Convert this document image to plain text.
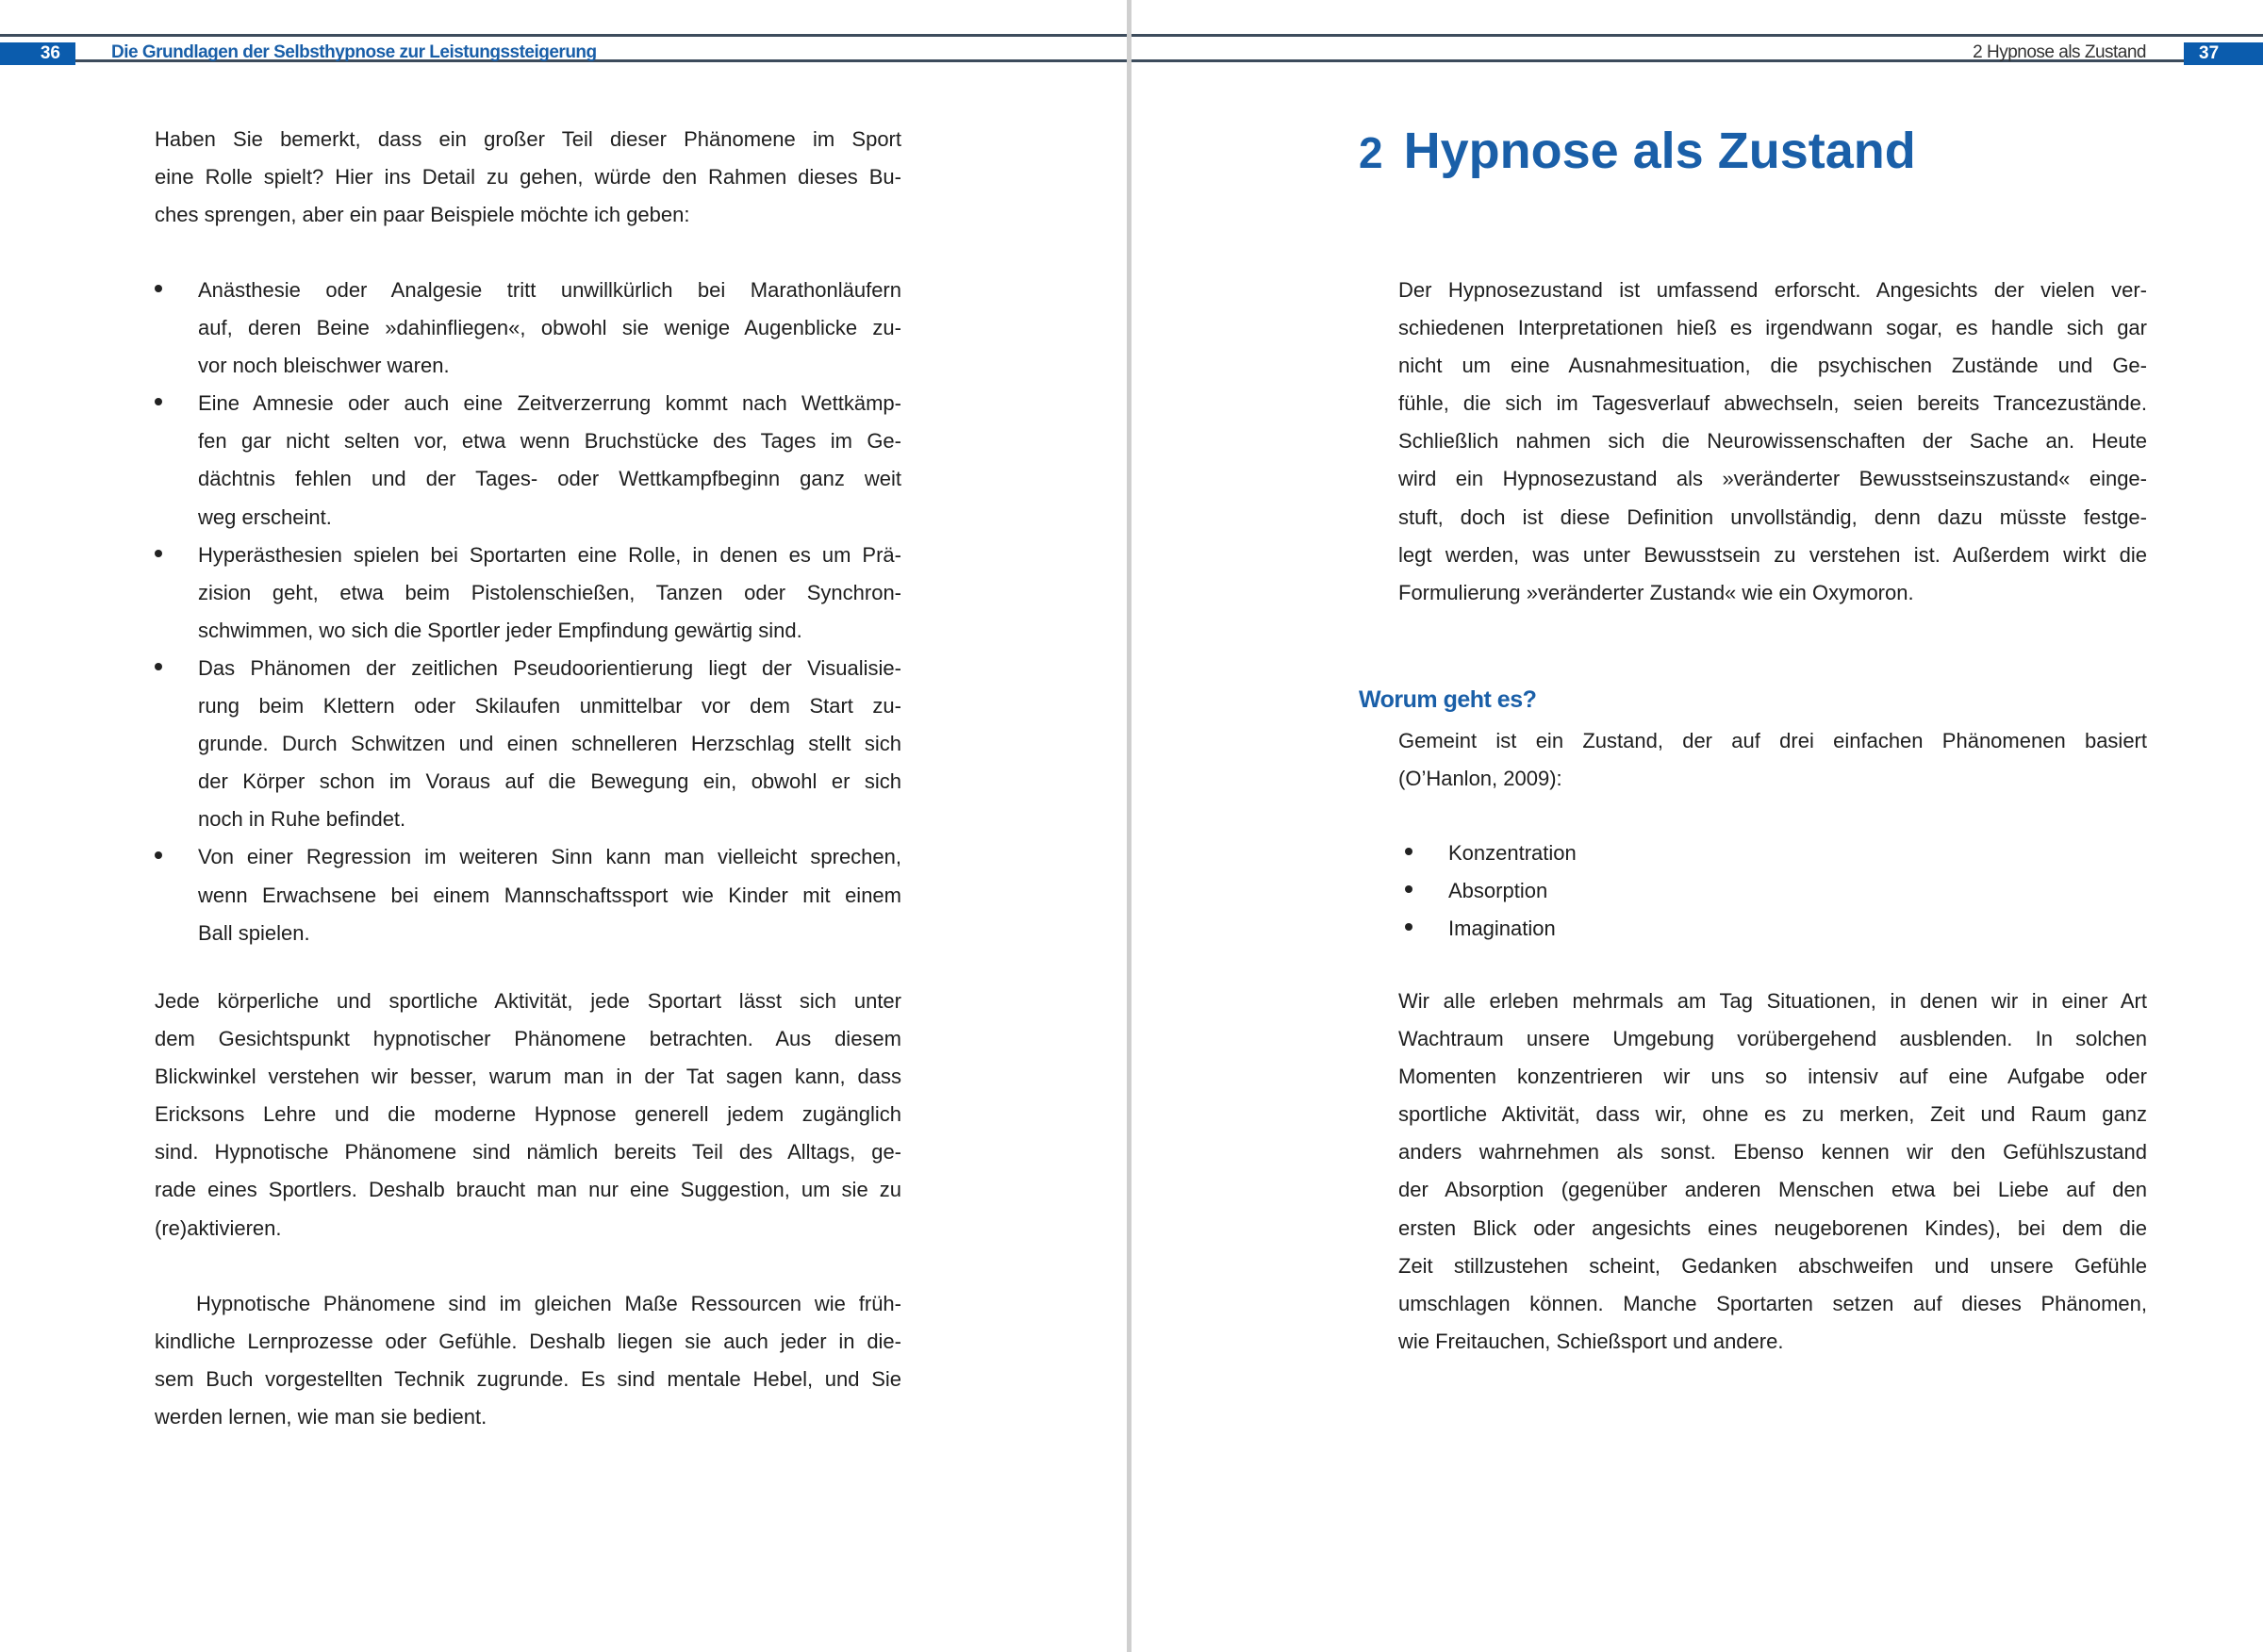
36	Die Grundlagen der Selbsthypnose zur Leistungssteigerung	2 Hypnose als Zustand	37
Haben Sie bemerkt, dass ein großer Teil dieser Phänomene im Sport
eine Rolle spielt? Hier ins Detail zu gehen, würde den Rahmen dieses Bu-
ches sprengen, aber ein paar Beispiele möchte ich geben:
Anästhesie oder Analgesie tritt unwillkürlich bei Marathonläufern
auf, deren Beine »dahinfliegen«, obwohl sie wenige Augenblicke zu-
vor noch bleischwer waren.
Eine Amnesie oder auch eine Zeitverzerrung kommt nach Wettkämp-
fen gar nicht selten vor, etwa wenn Bruchstücke des Tages im Ge-
dächtnis fehlen und der Tages- oder Wettkampfbeginn ganz weit
weg erscheint.
Hyperästhesien spielen bei Sportarten eine Rolle, in denen es um Prä-
zision geht, etwa beim Pistolenschießen, Tanzen oder Synchron-
schwimmen, wo sich die Sportler jeder Empfindung gewärtig sind.
Das Phänomen der zeitlichen Pseudoorientierung liegt der Visualisie-
rung beim Klettern oder Skilaufen unmittelbar vor dem Start zu-
grunde. Durch Schwitzen und einen schnelleren Herzschlag stellt sich
der Körper schon im Voraus auf die Bewegung ein, obwohl er sich
noch in Ruhe befindet.
Von einer Regression im weiteren Sinn kann man vielleicht sprechen,
wenn Erwachsene bei einem Mannschaftssport wie Kinder mit einem
Ball spielen.
Jede körperliche und sportliche Aktivität, jede Sportart lässt sich unter
dem Gesichtspunkt hypnotischer Phänomene betrachten. Aus diesem
Blickwinkel verstehen wir besser, warum man in der Tat sagen kann, dass
Ericksons Lehre und die moderne Hypnose generell jedem zugänglich
sind. Hypnotische Phänomene sind nämlich bereits Teil des Alltags, ge-
rade eines Sportlers. Deshalb braucht man nur eine Suggestion, um sie zu
(re)aktivieren.
Hypnotische Phänomene sind im gleichen Maße Ressourcen wie früh-
kindliche Lernprozesse oder Gefühle. Deshalb liegen sie auch jeder in die-
sem Buch vorgestellten Technik zugrunde. Es sind mentale Hebel, und Sie
werden lernen, wie man sie bedient.
2 Hypnose als Zustand
Der Hypnosezustand ist umfassend erforscht. Angesichts der vielen ver-
schiedenen Interpretationen hieß es irgendwann sogar, es handle sich gar
nicht um eine Ausnahmesituation, die psychischen Zustände und Ge-
fühle, die sich im Tagesverlauf abwechseln, seien bereits Trancezustände.
Schließlich nahmen sich die Neurowissenschaften der Sache an. Heute
wird ein Hypnosezustand als »veränderter Bewusstseinszustand« einge-
stuft, doch ist diese Definition unvollständig, denn dazu müsste festge-
legt werden, was unter Bewusstsein zu verstehen ist. Außerdem wirkt die
Formulierung »veränderter Zustand« wie ein Oxymoron.
Worum geht es?
Gemeint ist ein Zustand, der auf drei einfachen Phänomenen basiert
(O’Hanlon, 2009):
Konzentration
Absorption
Imagination
Wir alle erleben mehrmals am Tag Situationen, in denen wir in einer Art
Wachtraum unsere Umgebung vorübergehend ausblenden. In solchen
Momenten konzentrieren wir uns so intensiv auf eine Aufgabe oder
sportliche Aktivität, dass wir, ohne es zu merken, Zeit und Raum ganz
anders wahrnehmen als sonst. Ebenso kennen wir den Gefühlszustand
der Absorption (gegenüber anderen Menschen etwa bei Liebe auf den
ersten Blick oder angesichts eines neugeborenen Kindes), bei dem die
Zeit stillzustehen scheint, Gedanken abschweifen und unsere Gefühle
umschlagen können. Manche Sportarten setzen auf dieses Phänomen,
wie Freitauchen, Schießsport und andere.
